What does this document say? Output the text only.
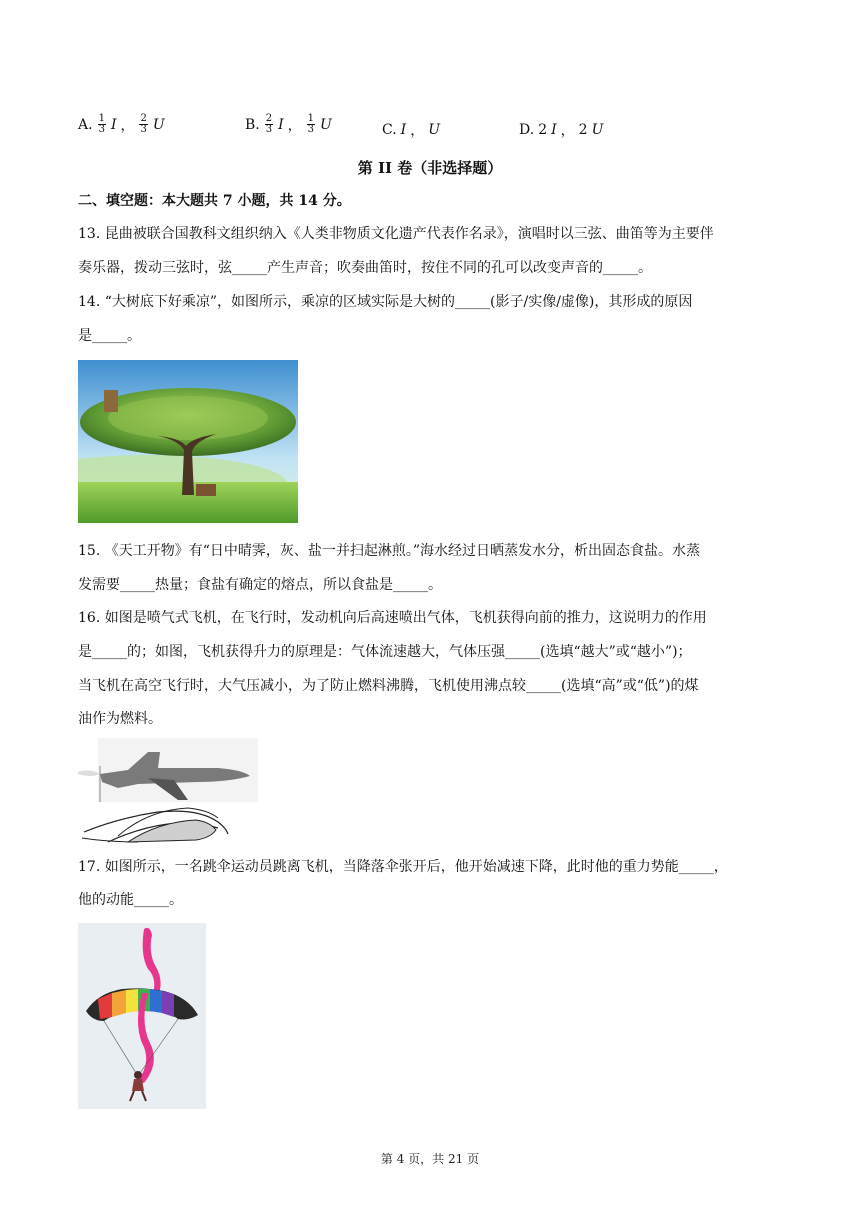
A. $\frac{1}{3}$ I ， $\frac{2}{3}$ U	B. $\frac{2}{3}$ I ， $\frac{1}{3}$ U	C. I ， U	D. 2 I ， 2 U
第 II 卷（非选择题）
二、填空题：本大题共 7 小题，共 14 分。
13. 昆曲被联合国教科文组织纳入《人类非物质文化遗产代表作名录》，演唱时以三弦、曲笛等为主要伴
奏乐器，拨动三弦时，弦_____产生声音；吹奏曲笛时，按住不同的孔可以改变声音的_____。
14. “大树底下好乘凉”，如图所示，乘凉的区域实际是大树的_____(影子/实像/虚像)，其形成的原因
是_____。
15. 《天工开物》有“日中晴霁，灰、盐一并扫起淋煎。”海水经过日晒蒸发水分，析出固态食盐。水蒸
发需要_____热量；食盐有确定的熔点，所以食盐是_____。
16. 如图是喷气式飞机，在飞行时，发动机向后高速喷出气体，飞机获得向前的推力，这说明力的作用
是_____的；如图，飞机获得升力的原理是：气体流速越大，气体压强_____(选填“越大”或“越小”)；
当飞机在高空飞行时，大气压减小，为了防止燃料沸腾，飞机使用沸点较_____(选填“高”或“低”)的煤
油作为燃料。
17. 如图所示，一名跳伞运动员跳离飞机，当降落伞张开后，他开始减速下降，此时他的重力势能_____，
他的动能_____。
第 4 页，共 21 页
